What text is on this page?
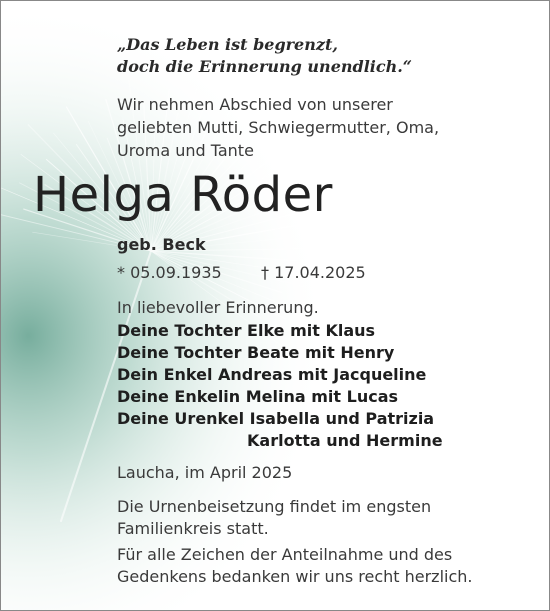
„Das Leben ist begrenzt,
doch die Erinnerung unendlich.“
Wir nehmen Abschied von unserer
geliebten Mutti, Schwiegermutter, Oma,
Uroma und Tante
Helga Röder
geb. Beck
* 05.09.1935 † 17.04.2025
In liebevoller Erinnerung.
Deine Tochter Elke mit Klaus
Deine Tochter Beate mit Henry
Dein Enkel Andreas mit Jacqueline
Deine Enkelin Melina mit Lucas
Deine Urenkel Isabella und Patrizia
Karlotta und Hermine
Laucha, im April 2025
Die Urnenbeisetzung findet im engsten
Familienkreis statt.
Für alle Zeichen der Anteilnahme und des
Gedenkens bedanken wir uns recht herzlich.
